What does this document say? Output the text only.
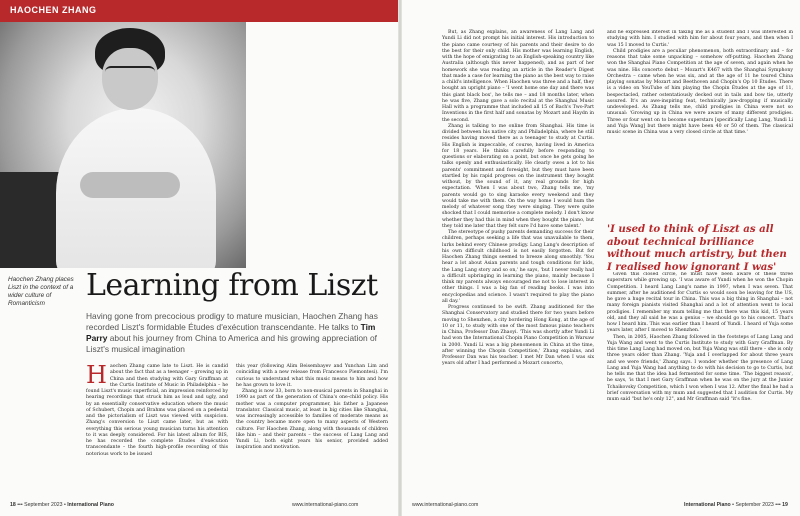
HAOCHEN ZHANG
Haochen Zhang places Liszt in the context of a wider culture of Romanticism
Learning from Liszt
Having gone from precocious prodigy to mature musician, Haochen Zhang has recorded Liszt's formidable Études d'exécution transcendante. He talks to Tim Parry about his journey from China to America and his growing appreciation of Liszt's musical imagination

Haochen Zhang came late to Liszt. He is candid about the fact that as a teenager – growing up in China and then studying with Gary Graffman at the Curtis Institute of Music in Philadelphia – he found Liszt's music superficial, an impression reinforced by hearing recordings that struck him as loud and ugly, and by an essentially conservative education where the music of Schubert, Chopin and Brahms was placed on a pedestal and the pictorialism of Liszt was viewed with suspicion. Zhang's conversion to Liszt came later, but as with everything this serious young musician turns his attention to it was deeply considered. For his latest album for BIS, he has recorded the complete Études d'exécution transcendante – the fourth high-profile recording of this notorious work to be issued

this year (following Alim Beisembayev and Yunchan Lim and coinciding with a new release from Francesco Piemontesi). I'm curious to understand what this music means to him and how he has grown to love it.

Zhang is now 33, born to non-musical parents in Shanghai in 1990 as part of the generation of China's one-child policy. His mother was a computer programmer, his father a Japanese translator. Classical music, at least in big cities like Shanghai, was increasingly accessible to families of moderate means as the country became more open to many aspects of Western culture. For Haochen Zhang, along with thousands of children like him – and their parents – the success of Lang Lang and Yundi Li, both eight years his senior, provided added inspiration and motivation.

18 ••• September 2023 • International Piano	www.international-piano.com

But, as Zhang explains, an awareness of Lang Lang and Yundi Li did not prompt his initial interest. His introduction to the piano came courtesy of his parents and their desire to do the best for their only child. His mother was learning English, with the hope of emigrating to an English-speaking country like Australia (although this never happened), and as part of her homework she was reading an article in the Reader's Digest that made a case for learning the piano as the best way to raise a child's intelligence. When Haochen was three and a half, they bought an upright piano – 'I went home one day and there was this giant black box', he tells me – and 18 months later, when he was five, Zhang gave a solo recital at the Shanghai Music Hall with a programme that included all 15 of Bach's Two-Part Inventions in the first half and sonatas by Mozart and Haydn in the second.

Zhang is talking to me online from Shanghai. His time is divided between his native city and Philadelphia, where he still resides having moved there as a teenager to study at Curtis. His English is impeccable, of course, having lived in America for 18 years. He thinks carefully before responding to questions or elaborating on a point, but once he gets going he talks openly and enthusiastically. He clearly owes a lot to his parents' commitment and foresight, but they must have been startled by his rapid progress on the instrument they bought without, by the sound of it, any real grounds for high expectation. 'When I was about two, Zhang tells me, 'my parents would go to sing karaoke every weekend and they would take me with them. On the way home I would hum the melody of whatever song they were singing. They were quite shocked that I could memorise a complete melody. I don't know whether they had this in mind when they bought the piano, but they told me later that they felt sure I'd have some talent.'

The stereotype of pushy parents demanding success for their children, perhaps seeking a life that was unavailable to them, lurks behind every Chinese prodigy. Lang Lang's description of his own difficult childhood is not easily forgotten. But for Haochen Zhang things seemed to breeze along smoothly. 'You hear a lot about Asian parents and tough conditions for kids, the Lang Lang story and so on,' he says, 'but I never really had a difficult upbringing in learning the piano, mainly because I think my parents always encouraged me not to lose interest in other things. I was a big fan of reading books. I was into encyclopedias and science. I wasn't required to play the piano all day.'

Progress continued to be swift. Zhang auditioned for the Shanghai Conservatory and studied there for two years before moving to Shenzhen, a city bordering Hong Kong, at the age of 10 or 11, to study with one of the most famous piano teachers in China, Professor Dan Zhaoyi. 'This was shortly after Yundi Li had won the International Chopin Piano Competition in Warsaw in 2000. Yundi Li was a big phenomenon in China at the time, after winning the Chopin Competition,' Zhang explains, and Professor Dan was his teacher. I met Mr Dan when I was six years old after I had performed a Mozart concerto,

and he expressed interest in taking me as a student and I was interested in studying with him. I studied with him for about four years, and then when I was 15 I moved to Curtis.'

Child prodigies are a peculiar phenomenon, both extraordinary and – for reasons that take some unpacking – somehow off-putting. Haochen Zhang won the Shanghai Piano Competition at the age of seven, and again when he was nine. His concerto debut – Mozart's K467 with the Shanghai Symphony Orchestra – came when he was six, and at the age of 11 he toured China playing sonatas by Mozart and Beethoven and Chopin's Op 10 Études. There is a video on YouTube of him playing the Chopin Études at the age of 11, bespectacled, rather ostentatiously decked out in tails and bow tie, utterly assured. It's an awe-inspiring feat, technically jaw-dropping if musically undeveloped. As Zhang tells me, child prodigies in China were not so unusual: 'Growing up in China we were aware of many different prodigies. Three or four went on to become superstars [specifically Lang Lang, Yundi Li and Yuja Wang] but there might have been 40 or 50 of them. The classical music scene in China was a very closed circle at that time.'

'I used to think of Liszt as all about technical brilliance without much artistry, but then I realised how ignorant I was'

Given this closed circle, he must have been aware of these three superstars while growing up. 'I was aware of Yundi when he won the Chopin Competition. I heard Lang Lang's name in 1997, when I was seven. That summer, after he auditioned for Curtis so would soon be leaving for the US, he gave a huge recital tour in China. This was a big thing in Shanghai – not many foreign pianists visited Shanghai and a lot of attention went to local prodigies. I remember my mum telling me that there was this kid, 15 years old, and they all said he was a genius – we should go to his concert. That's how I heard him. This was earlier than I heard of Yundi. I heard of Yuja some years later, after I moved to Shenzhen.'

Then, in 2005, Haochen Zhang followed in the footsteps of Lang Lang and Yuja Wang and went to the Curtis Institute to study with Gary Graffman. By this time Lang Lang had moved on, but Yuja Wang was still there – she is only three years older than Zhang. 'Yuja and I overlapped for about three years and we were friends,' Zhang says. I wonder whether the presence of Lang Lang and Yuja Wang had anything to do with his decision to go to Curtis, but he tells me that the idea had fermented for some time. 'The biggest reason', he says, 'is that I met Gary Graffman when he was on the jury at the Junior Tchaikovsky Competition, which I won when I was 12. After the final he had a brief conversation with my mum and suggested that I audition for Curtis. My mum said "but he's only 12", and Mr Graffman said "it's fine.

www.international-piano.com	International Piano • September 2023 ••• 19
